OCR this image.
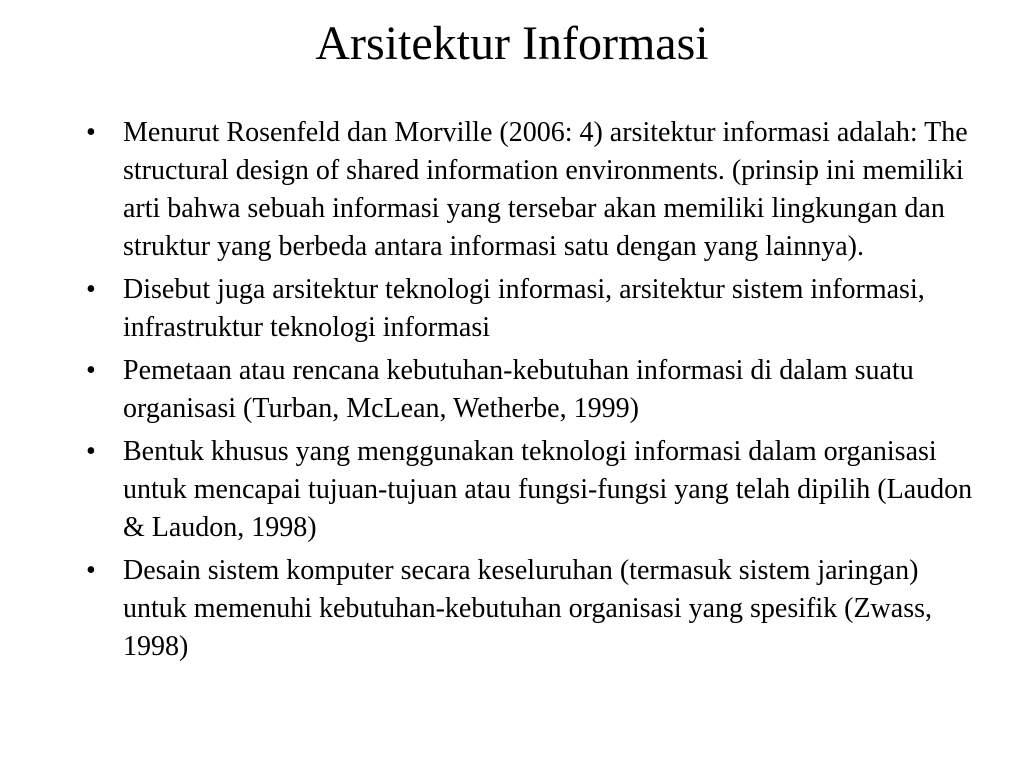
Arsitektur Informasi
• Menurut Rosenfeld dan Morville (2006: 4) arsitektur informasi adalah: The structural design of shared information environments. (prinsip ini memiliki arti bahwa sebuah informasi yang tersebar akan memiliki lingkungan dan struktur yang berbeda antara informasi satu dengan yang lainnya).
• Disebut juga arsitektur teknologi informasi, arsitektur sistem informasi, infrastruktur teknologi informasi
• Pemetaan atau rencana kebutuhan-kebutuhan informasi di dalam suatu organisasi (Turban, McLean, Wetherbe, 1999)
• Bentuk khusus yang menggunakan teknologi informasi dalam organisasi untuk mencapai tujuan-tujuan atau fungsi-fungsi yang telah dipilih (Laudon & Laudon, 1998)
• Desain sistem komputer secara keseluruhan (termasuk sistem jaringan) untuk memenuhi kebutuhan-kebutuhan organisasi yang spesifik (Zwass, 1998)
